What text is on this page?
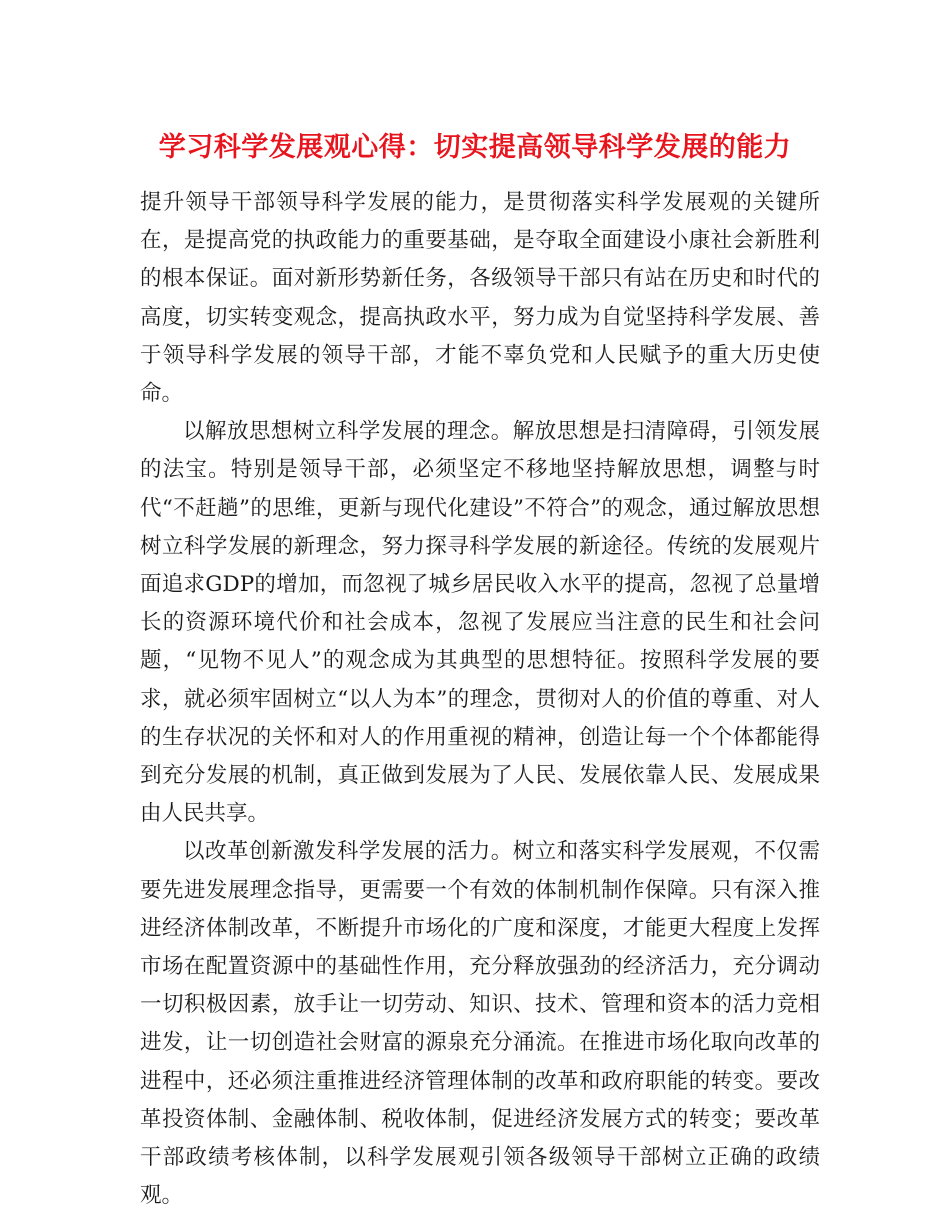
学习科学发展观心得：切实提高领导科学发展的能力

提升领导干部领导科学发展的能力，是贯彻落实科学发展观的关键所在，是提高党的执政能力的重要基础，是夺取全面建设小康社会新胜利的根本保证。面对新形势新任务，各级领导干部只有站在历史和时代的高度，切实转变观念，提高执政水平，努力成为自觉坚持科学发展、善于领导科学发展的领导干部，才能不辜负党和人民赋予的重大历史使命。

以解放思想树立科学发展的理念。解放思想是扫清障碍，引领发展的法宝。特别是领导干部，必须坚定不移地坚持解放思想，调整与时代“不赶趟”的思维，更新与现代化建设”不符合”的观念，通过解放思想树立科学发展的新理念，努力探寻科学发展的新途径。传统的发展观片面追求GDP的增加，而忽视了城乡居民收入水平的提高，忽视了总量增长的资源环境代价和社会成本，忽视了发展应当注意的民生和社会问题，“见物不见人”的观念成为其典型的思想特征。按照科学发展的要求，就必须牢固树立“以人为本”的理念，贯彻对人的价值的尊重、对人的生存状况的关怀和对人的作用重视的精神，创造让每一个个体都能得到充分发展的机制，真正做到发展为了人民、发展依靠人民、发展成果由人民共享。

以改革创新激发科学发展的活力。树立和落实科学发展观，不仅需要先进发展理念指导，更需要一个有效的体制机制作保障。只有深入推进经济体制改革，不断提升市场化的广度和深度，才能更大程度上发挥市场在配置资源中的基础性作用，充分释放强劲的经济活力，充分调动一切积极因素，放手让一切劳动、知识、技术、管理和资本的活力竞相进发，让一切创造社会财富的源泉充分涌流。在推进市场化取向改革的进程中，还必须注重推进经济管理体制的改革和政府职能的转变。要改革投资体制、金融体制、税收体制，促进经济发展方式的转变；要改革干部政绩考核体制，以科学发展观引领各级领导干部树立正确的政绩观。
